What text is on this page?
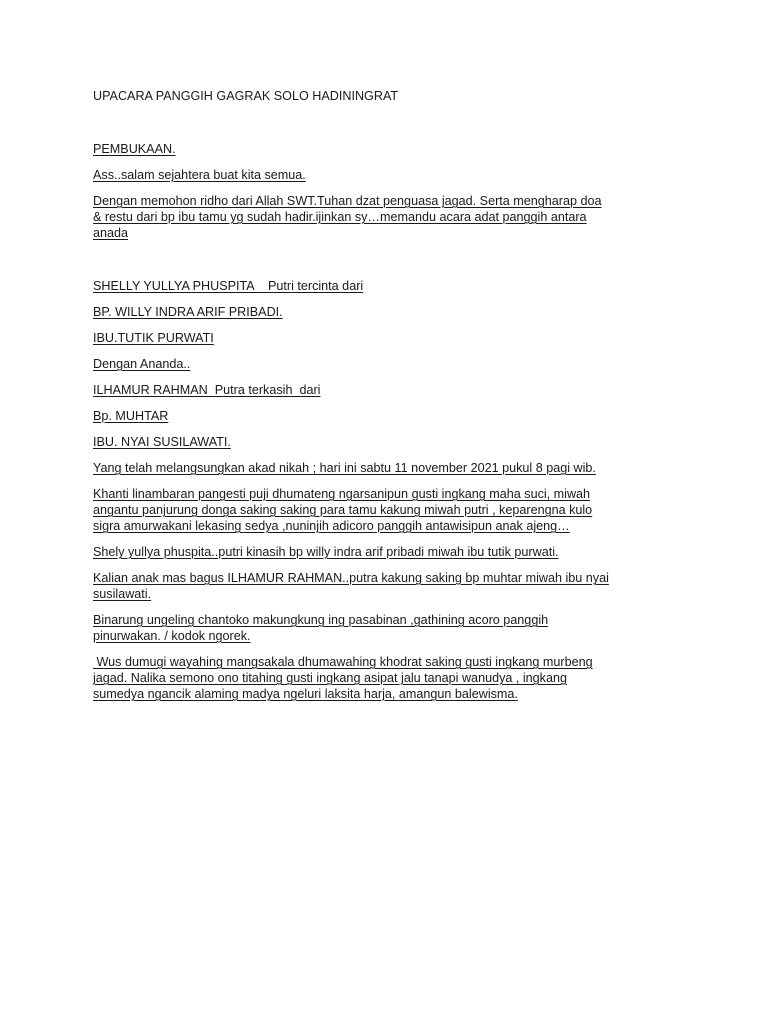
UPACARA PANGGIH GAGRAK SOLO HADININGRAT

PEMBUKAAN.

Ass..salam sejahtera buat kita semua.

Dengan memohon ridho dari Allah SWT.Tuhan dzat penguasa jagad. Serta mengharap doa
& restu dari bp ibu tamu yg sudah hadir.ijinkan sy…memandu acara adat panggih antara
anada

SHELLY YULLYA PHUSPITA    Putri tercinta dari

BP. WILLY INDRA ARIF PRIBADI.

IBU.TUTIK PURWATI

Dengan Ananda..

ILHAMUR RAHMAN  Putra terkasih  dari

Bp. MUHTAR

IBU. NYAI SUSILAWATI.

Yang telah melangsungkan akad nikah ; hari ini sabtu 11 november 2021 pukul 8 pagi wib.

Khanti linambaran pangesti puji dhumateng ngarsanipun gusti ingkang maha suci, miwah
angantu panjurung donga saking saking para tamu kakung miwah putri , keparengna kulo
sigra amurwakani lekasing sedya ,nuninjih adicoro panggih antawisipun anak ajeng…

Shely yullya phuspita..putri kinasih bp willy indra arif pribadi miwah ibu tutik purwati.

Kalian anak mas bagus ILHAMUR RAHMAN..putra kakung saking bp muhtar miwah ibu nyai
susilawati.

Binarung ungeling chantoko makungkung ing pasabinan ,gathining acoro panggih
pinurwakan. / kodok ngorek.

Wus dumugi wayahing mangsakala dhumawahing khodrat saking gusti ingkang murbeng
jagad. Nalika semono ono titahing gusti ingkang asipat jalu tanapi wanudya , ingkang
sumedya ngancik alaming madya ngeluri laksita harja, amangun balewisma.
